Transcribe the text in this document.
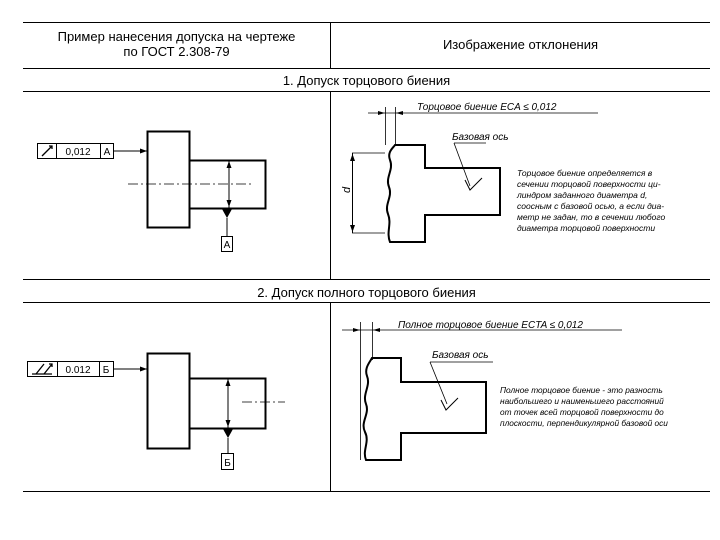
Пример нанесения допуска на чертеже
по ГОСТ 2.308-79	Изображение отклонения
1. Допуск торцового биения
2. Допуск полного торцового биения
0,012 A
A
Торцовое биение ECA ≤ 0,012
d
Базовая ось
Торцовое биение определяется в
сечении торцовой поверхности ци-
линдром заданного диаметра d,
соосным с базовой осью, а если диа-
метр не задан, то в сечении любого
диаметра торцовой поверхности
0.012 Б
Б
Полное торцовое биение ECTA ≤ 0,012
Базовая ось
Полное торцовое биение - это разность
наибольшего и наименьшего расстояний
от точек всей торцовой поверхности до
плоскости, перпендикулярной базовой оси
